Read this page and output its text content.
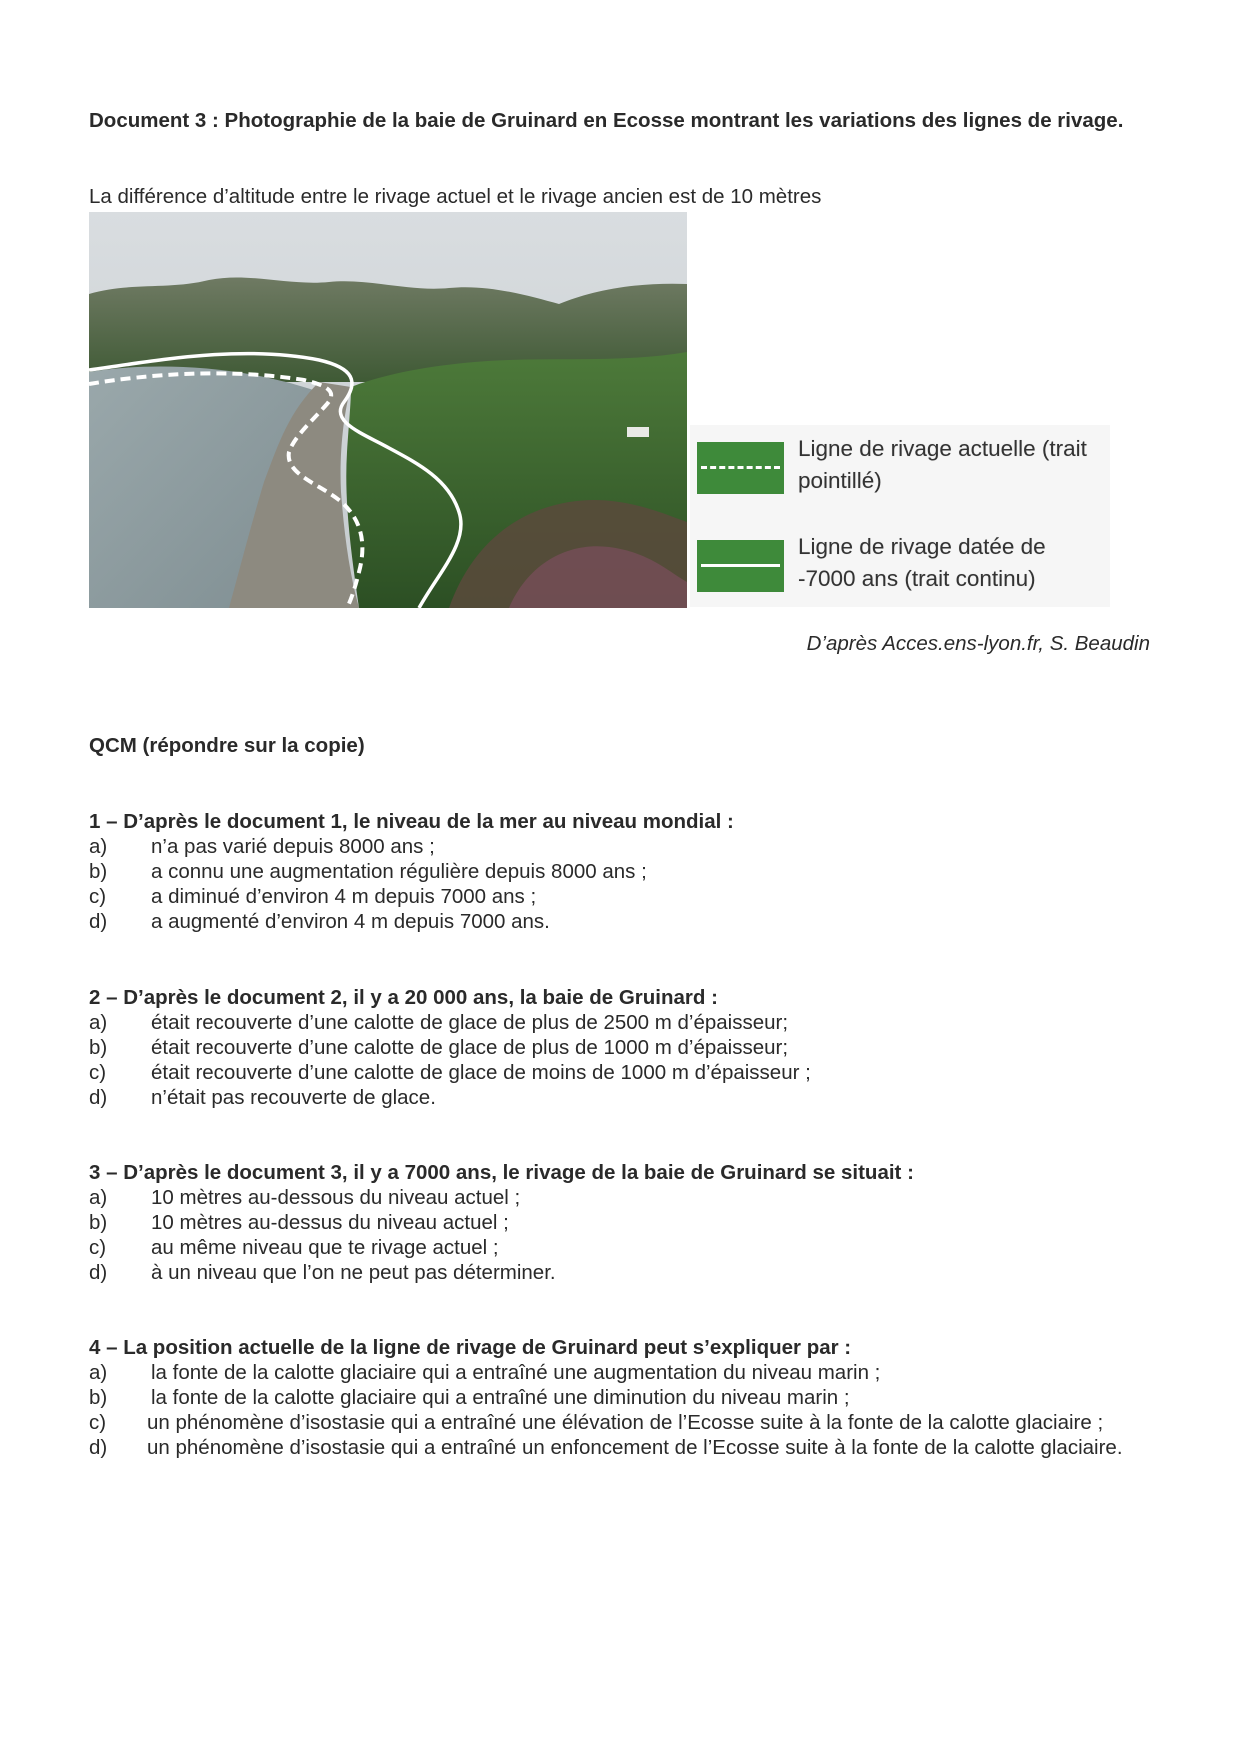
Document 3 : Photographie de la baie de Gruinard en Ecosse montrant les variations des lignes de rivage.
La différence d’altitude entre le rivage actuel et le rivage ancien est de 10 mètres
Ligne de rivage actuelle (trait pointillé)
Ligne de rivage datée de -7000 ans (trait continu)
D’après Acces.ens-lyon.fr, S. Beaudin
QCM (répondre sur la copie)
1 – D’après le document 1, le niveau de la mer au niveau mondial :
a) n’a pas varié depuis 8000 ans ;
b) a connu une augmentation régulière depuis 8000 ans ;
c) a diminué d’environ 4 m depuis 7000 ans ;
d) a augmenté d’environ 4 m depuis 7000 ans.
2 – D’après le document 2, il y a 20 000 ans, la baie de Gruinard :
a) était recouverte d’une calotte de glace de plus de 2500 m d’épaisseur;
b) était recouverte d’une calotte de glace de plus de 1000 m d’épaisseur;
c) était recouverte d’une calotte de glace de moins de 1000 m d’épaisseur ;
d) n’était pas recouverte de glace.
3 – D’après le document 3, il y a 7000 ans, le rivage de la baie de Gruinard se situait :
a) 10 mètres au-dessous du niveau actuel ;
b) 10 mètres au-dessus du niveau actuel ;
c) au même niveau que te rivage actuel ;
d) à un niveau que l’on ne peut pas déterminer.
4 – La position actuelle de la ligne de rivage de Gruinard peut s’expliquer par :
a) la fonte de la calotte glaciaire qui a entraîné une augmentation du niveau marin ;
b) la fonte de la calotte glaciaire qui a entraîné une diminution du niveau marin ;
c) un phénomène d’isostasie qui a entraîné une élévation de l’Ecosse suite à la fonte de la calotte glaciaire ;
d) un phénomène d’isostasie qui a entraîné un enfoncement de l’Ecosse suite à la fonte de la calotte glaciaire.
